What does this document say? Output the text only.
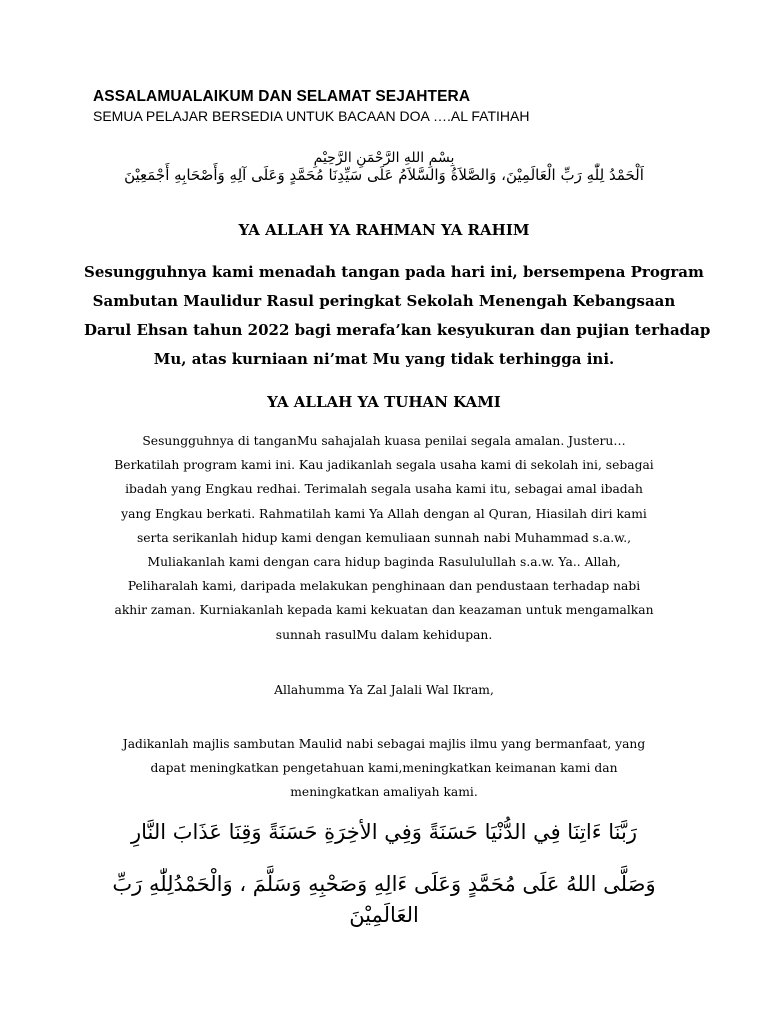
ASSALAMUALAIKUM DAN SELAMAT SEJAHTERA

SEMUA PELAJAR BERSEDIA UNTUK BACAAN DOA ….AL FATIHAH

بِسْمِ اللهِ الرَّحْمَنِ الرَّحِيْمِ

اَلْحَمْدُ لِلّٰهِ رَبِّ الْعَالَمِيْنَ، وَالصَّلاَةُ وَالسَّلاَمُ عَلَى سَيِّدِنَا مُحَمَّدٍ وَعَلَى آلِهِ وَأَصْحَابِهِ أَجْمَعِيْنَ

YA ALLAH YA RAHMAN YA RAHIM

Sesungguhnya kami menadah tangan pada hari ini, bersempena Program
Sambutan Maulidur Rasul peringkat Sekolah Menengah Kebangsaan
Darul Ehsan tahun 2022 bagi merafa’kan kesyukuran dan pujian terhadap
Mu, atas kurniaan ni’mat Mu yang tidak terhingga ini.

YA ALLAH YA TUHAN KAMI

Sesungguhnya di tanganMu sahajalah kuasa penilai segala amalan. Justeru…
Berkatilah program kami ini. Kau jadikanlah segala usaha kami di sekolah ini, sebagai
ibadah yang Engkau redhai. Terimalah segala usaha kami itu, sebagai amal ibadah
yang Engkau berkati. Rahmatilah kami Ya Allah dengan al Quran, Hiasilah diri kami
serta serikanlah hidup kami dengan kemuliaan sunnah nabi Muhammad s.a.w.,
Muliakanlah kami dengan cara hidup baginda Rasululullah s.a.w. Ya.. Allah,
Peliharalah kami, daripada melakukan penghinaan dan pendustaan terhadap nabi
akhir zaman. Kurniakanlah kepada kami kekuatan dan keazaman untuk mengamalkan
sunnah rasulMu dalam kehidupan.

Allahumma Ya Zal Jalali Wal Ikram,

Jadikanlah majlis sambutan Maulid nabi sebagai majlis ilmu yang bermanfaat, yang
dapat meningkatkan pengetahuan kami,meningkatkan keimanan kami dan
meningkatkan amaliyah kami.

رَبَّنَا ءَاتِنَا فِي الدُّنْيَا حَسَنَةً وَفِي الأخِرَةِ حَسَنَةً وَقِنَا عَذَابَ النَّارِ
وَصَلَّى اللهُ عَلَى مُحَمَّدٍ وَعَلَى ءَالِهِ وَصَحْبِهِ وَسَلَّمَ ، وَالْحَمْدُلِلّٰهِ رَبِّ
العَالَمِيْنَ
